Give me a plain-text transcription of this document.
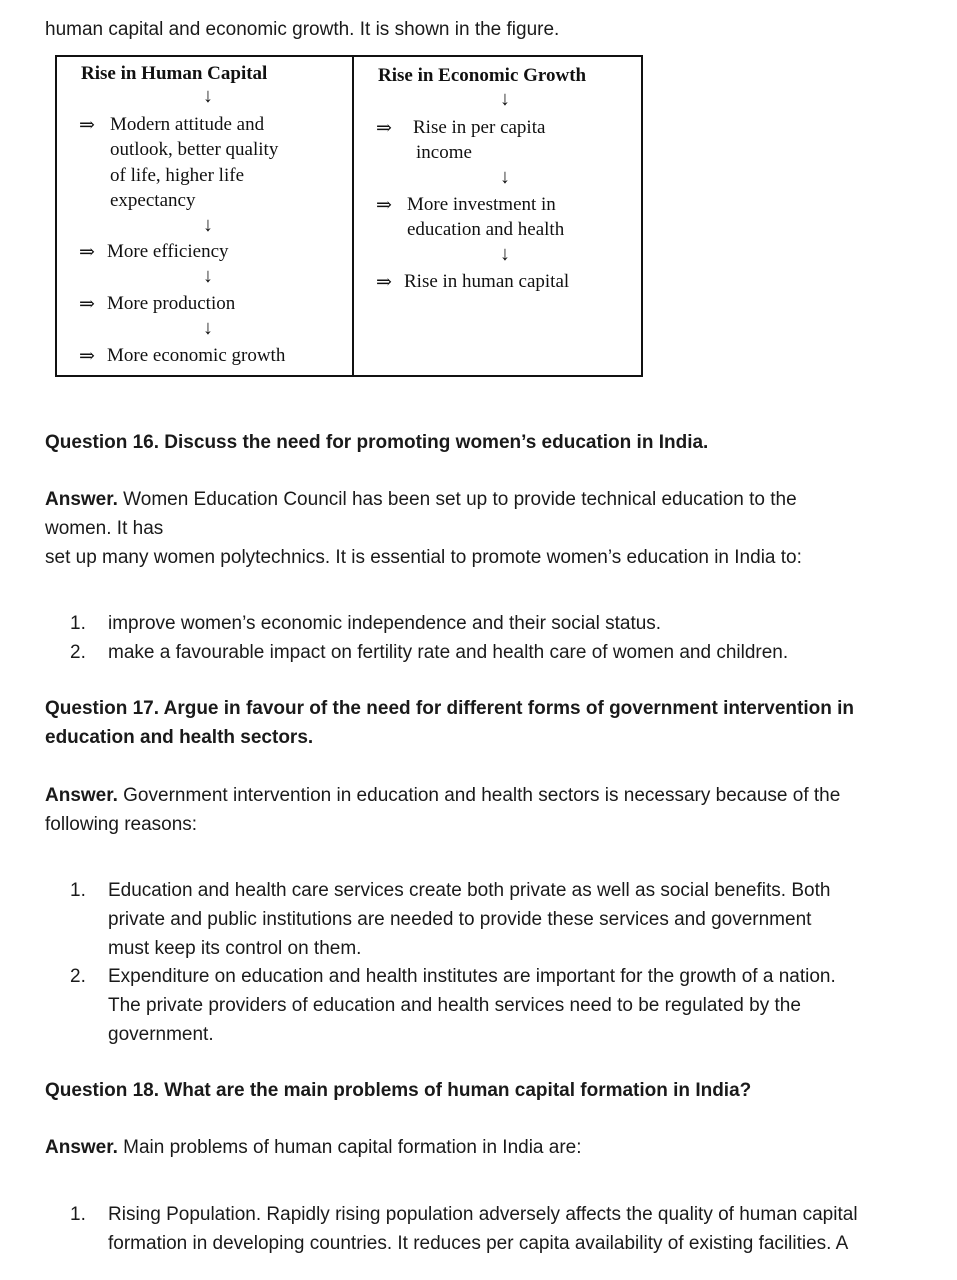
human capital and economic growth. It is shown in the figure.
Rise in Human Capital
↓
⇒ Modern attitude and
outlook, better quality
of life, higher life
expectancy
↓
⇒ More efficiency
↓
⇒ More production
↓
⇒ More economic growth
Rise in Economic Growth
↓
⇒ Rise in per capita
income
↓
⇒ More investment in
education and health
↓
⇒ Rise in human capital
Question 16. Discuss the need for promoting women’s education in India.
Answer. Women Education Council has been set up to provide technical education to the
women. It has
set up many women polytechnics. It is essential to promote women’s education in India to:
1. improve women’s economic independence and their social status.
2. make a favourable impact on fertility rate and health care of women and children.
Question 17. Argue in favour of the need for different forms of government intervention in
education and health sectors.
Answer. Government intervention in education and health sectors is necessary because of the
following reasons:
1. Education and health care services create both private as well as social benefits. Both
private and public institutions are needed to provide these services and government
must keep its control on them.
2. Expenditure on education and health institutes are important for the growth of a nation.
The private providers of education and health services need to be regulated by the
government.
Question 18. What are the main problems of human capital formation in India?
Answer. Main problems of human capital formation in India are:
1. Rising Population. Rapidly rising population adversely affects the quality of human capital
formation in developing countries. It reduces per capita availability of existing facilities. A
